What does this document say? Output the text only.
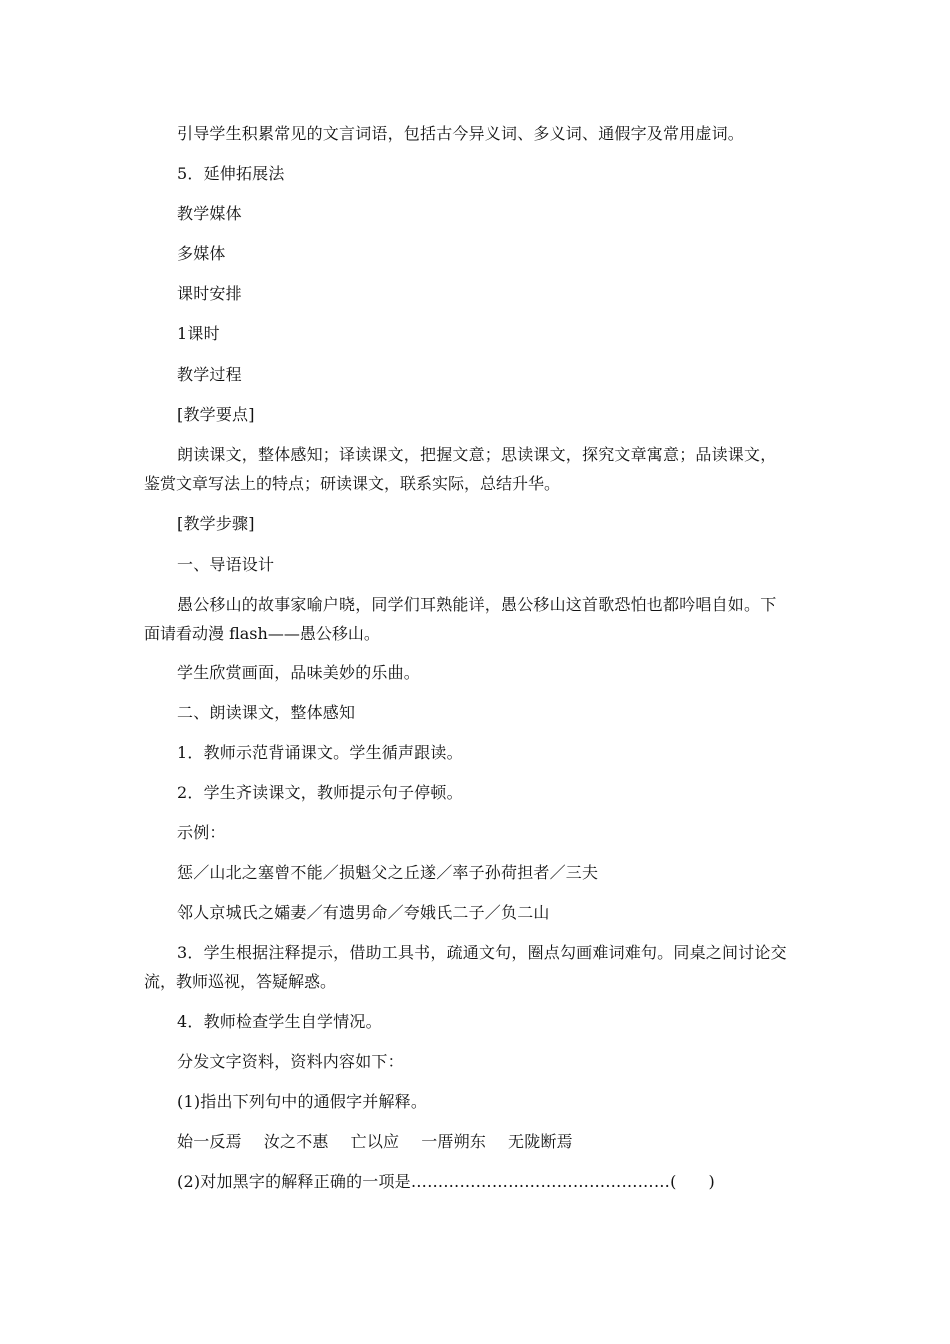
引导学生积累常见的文言词语，包括古今异义词、多义词、通假字及常用虚词。
5．延伸拓展法
教学媒体
多媒体
课时安排
1课时
教学过程
[教学要点]
朗读课文，整体感知；译读课文，把握文意；思读课文，探究文章寓意；品读课文，
鉴赏文章写法上的特点；研读课文，联系实际，总结升华。
[教学步骤]
一、导语设计
愚公移山的故事家喻户晓，同学们耳熟能详，愚公移山这首歌恐怕也都吟唱自如。下
面请看动漫 flash——愚公移山。
学生欣赏画面，品味美妙的乐曲。
二、朗读课文，整体感知
1．教师示范背诵课文。学生循声跟读。
2．学生齐读课文，教师提示句子停顿。
示例：
惩／山北之塞曾不能／损魁父之丘遂／率子孙荷担者／三夫
邻人京城氏之孀妻／有遗男命／夸娥氏二子／负二山
3．学生根据注释提示，借助工具书，疏通文句，圈点勾画难词难句。同桌之间讨论交
流，教师巡视，答疑解惑。
4．教师检查学生自学情况。
分发文字资料，资料内容如下：
(1)指出下列句中的通假字并解释。
始一反焉 汝之不惠 亡以应 一厝朔东 无陇断焉
(2)对加黑字的解释正确的一项是…………………………………………( )
